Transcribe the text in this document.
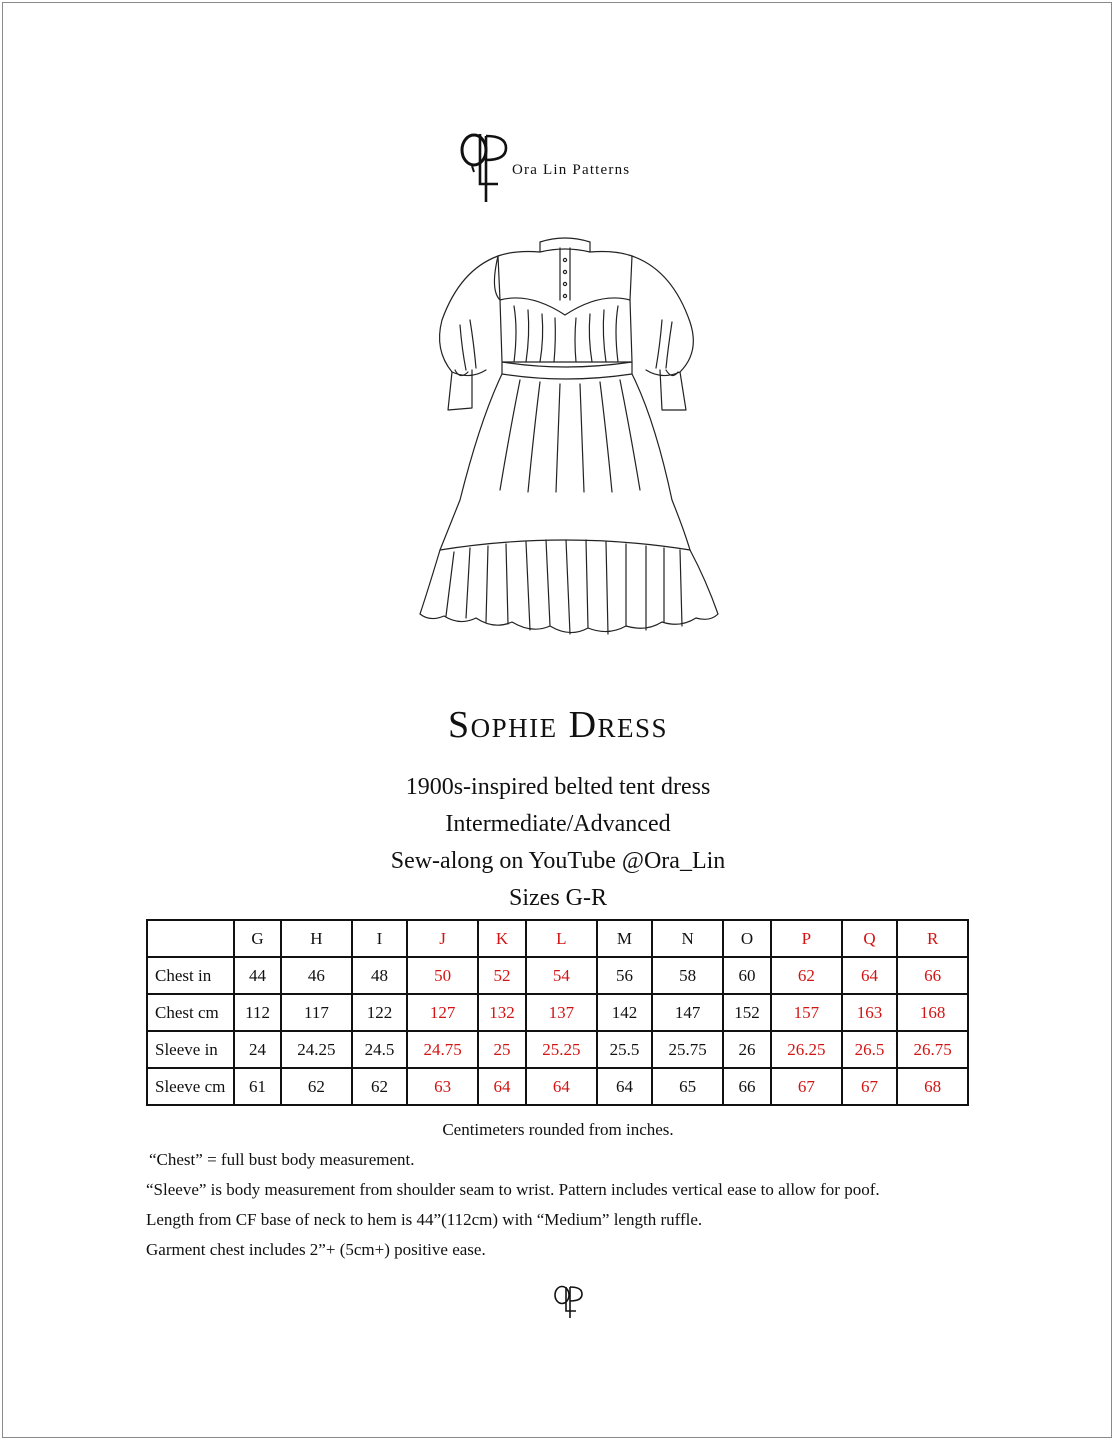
Ora Lin Patterns
Sophie Dress
1900s-inspired belted tent dress
Intermediate/Advanced
Sew-along on YouTube @Ora_Lin
Sizes G-R
	G	H	I	J	K	L	M	N	O	P	Q	R
Chest in	44	46	48	50	52	54	56	58	60	62	64	66
Chest cm	112	117	122	127	132	137	142	147	152	157	163	168
Sleeve in	24	24.25	24.5	24.75	25	25.25	25.5	25.75	26	26.25	26.5	26.75
Sleeve cm	61	62	62	63	64	64	64	65	66	67	67	68
Centimeters rounded from inches.
“Chest” = full bust body measurement.
“Sleeve” is body measurement from shoulder seam to wrist. Pattern includes vertical ease to allow for poof.
Length from CF base of neck to hem is 44”(112cm) with “Medium” length ruffle.
Garment chest includes 2”+ (5cm+) positive ease.
